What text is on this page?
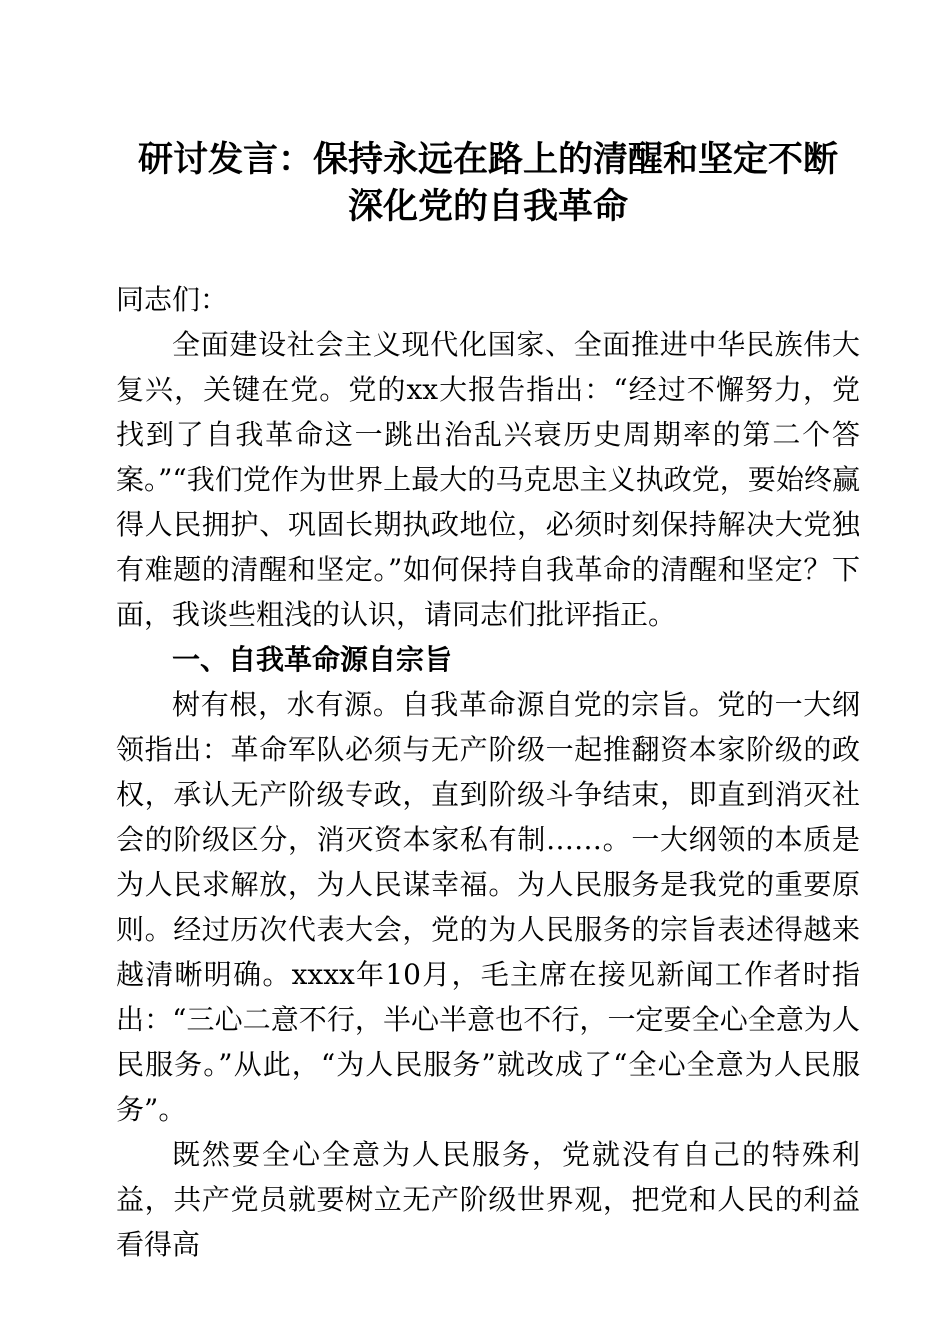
研讨发言：保持永远在路上的清醒和坚定不断
深化党的自我革命

同志们：

全面建设社会主义现代化国家、全面推进中华民族伟大复兴，关键在党。党的xx大报告指出：“经过不懈努力，党找到了自我革命这一跳出治乱兴衰历史周期率的第二个答案。”“我们党作为世界上最大的马克思主义执政党，要始终赢得人民拥护、巩固长期执政地位，必须时刻保持解决大党独有难题的清醒和坚定。”如何保持自我革命的清醒和坚定？下面，我谈些粗浅的认识，请同志们批评指正。

一、自我革命源自宗旨

树有根，水有源。自我革命源自党的宗旨。党的一大纲领指出：革命军队必须与无产阶级一起推翻资本家阶级的政权，承认无产阶级专政，直到阶级斗争结束，即直到消灭社会的阶级区分，消灭资本家私有制……。一大纲领的本质是为人民求解放，为人民谋幸福。为人民服务是我党的重要原则。经过历次代表大会，党的为人民服务的宗旨表述得越来越清晰明确。xxxx年10月，毛主席在接见新闻工作者时指出：“三心二意不行，半心半意也不行，一定要全心全意为人民服务。”从此，“为人民服务”就改成了“全心全意为人民服务”。

既然要全心全意为人民服务，党就没有自己的特殊利益，共产党员就要树立无产阶级世界观，把党和人民的利益看得高
